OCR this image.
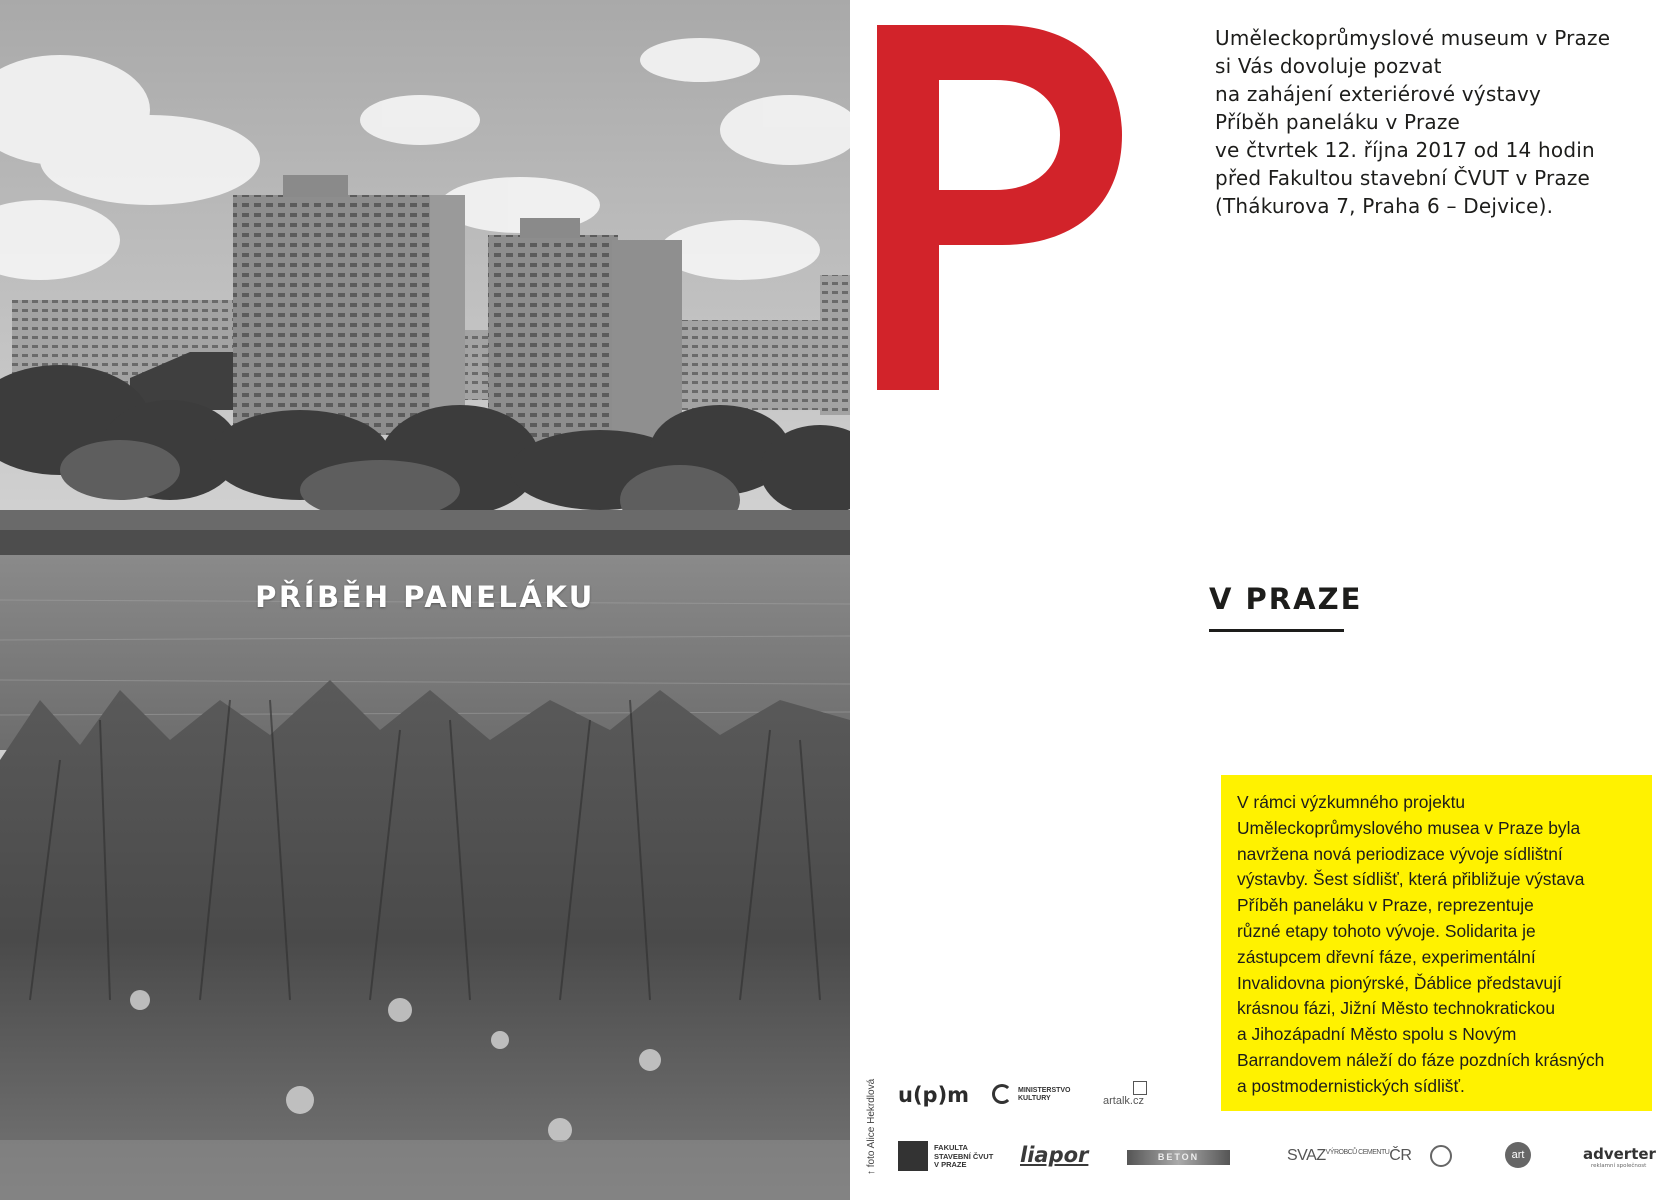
PŘÍBĚH PANELÁKU
↑ foto Alice Hekrdlová
Uměleckoprůmyslové museum v Praze
si Vás dovoluje pozvat
na zahájení exteriérové výstavy
Příběh paneláku v Praze
ve čtvrtek 12. října 2017 od 14 hodin
před Fakultou stavební ČVUT v Praze
(Thákurova 7, Praha 6 – Dejvice).
V PRAZE
V rámci výzkumného projektu
Uměleckoprůmyslového musea v Praze byla
navržena nová periodizace vývoje sídlištní
výstavby. Šest sídlišť, která přibližuje výstava
Příběh paneláku v Praze, reprezentuje
různé etapy tohoto vývoje. Solidarita je
zástupcem dřevní fáze, experimentální
Invalidovna pionýrské, Ďáblice představují
krásnou fázi, Jižní Město technokratickou
a Jihozápadní Město spolu s Novým
Barrandovem náleží do fáze pozdních krásných
a postmodernistických sídlišť.
u(p)m	MINISTERSTVO KULTURY	artalk.cz
FAKULTA STAVEBNÍ ČVUT V PRAZE	liapor	BETON	$SVAZ^{VÝROBCŮ CEMENTU}ČR$	art	adverter
reklamní společnost
